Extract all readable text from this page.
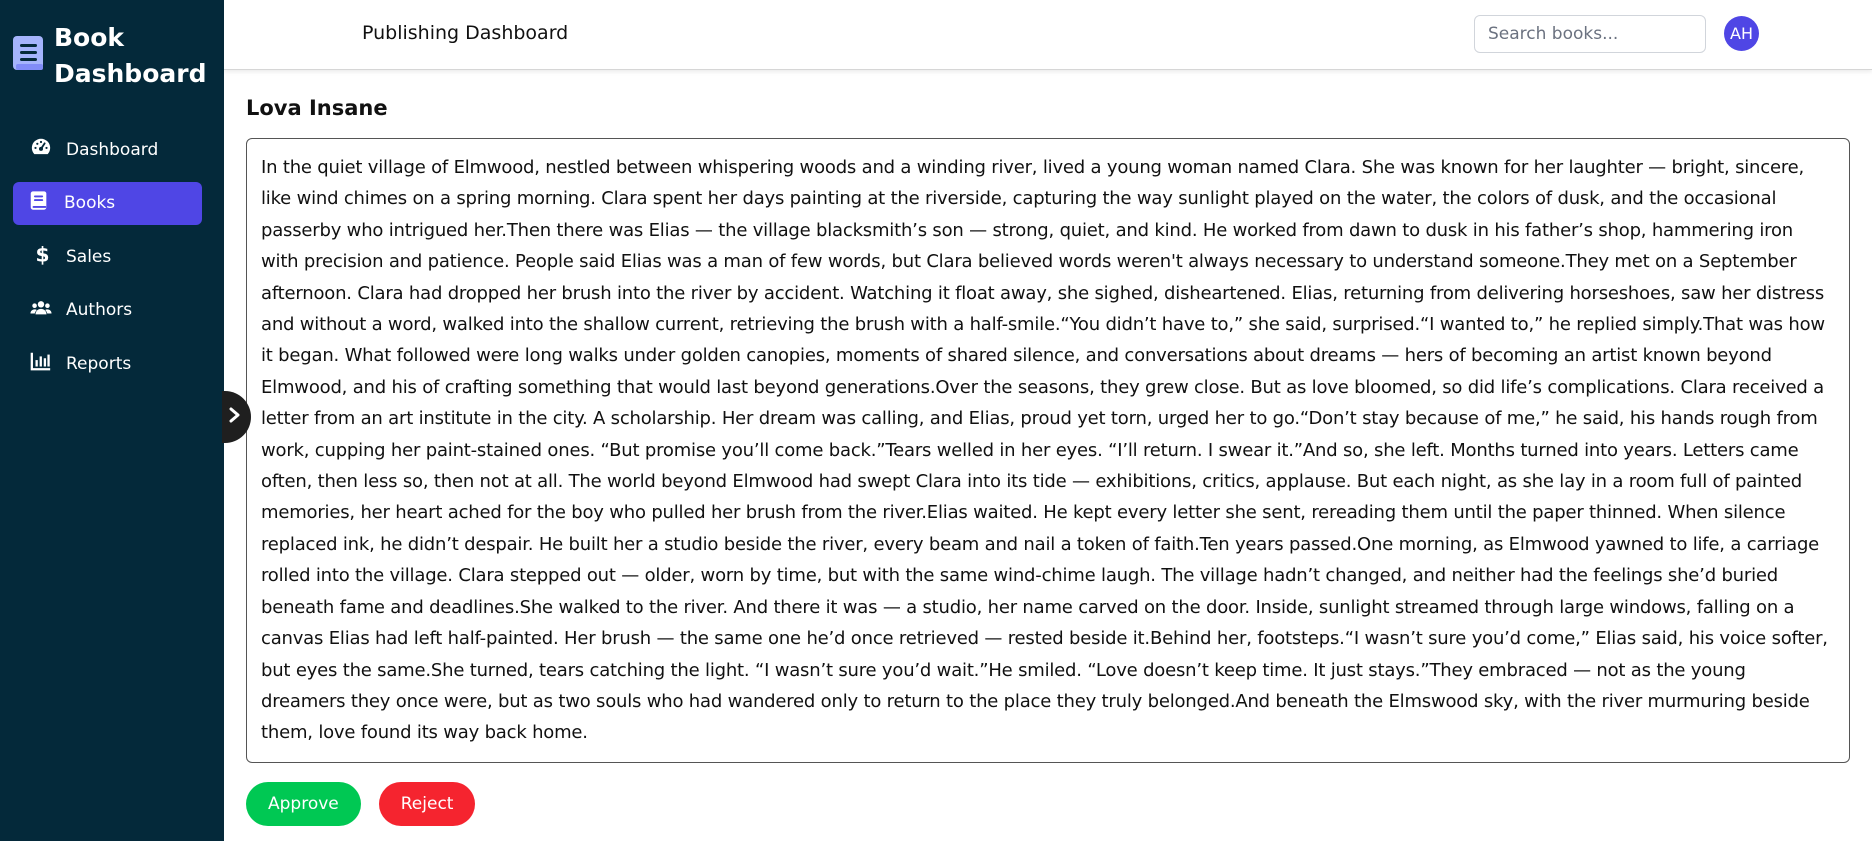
Book Dashboard
Dashboard
Books
$ Sales
Authors
Reports
Publishing Dashboard
Search books...	AH
Lova Insane
In the quiet village of Elmwood, nestled between whispering woods and a winding river, lived a young woman named Clara. She was known for her laughter — bright, sincere, like wind chimes on a spring morning. Clara spent her days painting at the riverside, capturing the way sunlight played on the water, the colors of dusk, and the occasional passerby who intrigued her.Then there was Elias — the village blacksmith’s son — strong, quiet, and kind. He worked from dawn to dusk in his father’s shop, hammering iron with precision and patience. People said Elias was a man of few words, but Clara believed words weren't always necessary to understand someone.They met on a September afternoon. Clara had dropped her brush into the river by accident. Watching it float away, she sighed, disheartened. Elias, returning from delivering horseshoes, saw her distress and without a word, walked into the shallow current, retrieving the brush with a half-smile.“You didn’t have to,” she said, surprised.“I wanted to,” he replied simply.That was how it began. What followed were long walks under golden canopies, moments of shared silence, and conversations about dreams — hers of becoming an artist known beyond Elmwood, and his of crafting something that would last beyond generations.Over the seasons, they grew close. But as love bloomed, so did life’s complications. Clara received a letter from an art institute in the city. A scholarship. Her dream was calling, and Elias, proud yet torn, urged her to go.“Don’t stay because of me,” he said, his hands rough from work, cupping her paint-stained ones. “But promise you’ll come back.”Tears welled in her eyes. “I’ll return. I swear it.”And so, she left. Months turned into years. Letters came often, then less so, then not at all. The world beyond Elmwood had swept Clara into its tide — exhibitions, critics, applause. But each night, as she lay in a room full of painted memories, her heart ached for the boy who pulled her brush from the river.Elias waited. He kept every letter she sent, rereading them until the paper thinned. When silence replaced ink, he didn’t despair. He built her a studio beside the river, every beam and nail a token of faith.Ten years passed.One morning, as Elmwood yawned to life, a carriage rolled into the village. Clara stepped out — older, worn by time, but with the same wind-chime laugh. The village hadn’t changed, and neither had the feelings she’d buried beneath fame and deadlines.She walked to the river. And there it was — a studio, her name carved on the door. Inside, sunlight streamed through large windows, falling on a canvas Elias had left half-painted. Her brush — the same one he’d once retrieved — rested beside it.Behind her, footsteps.“I wasn’t sure you’d come,” Elias said, his voice softer, but eyes the same.She turned, tears catching the light. “I wasn’t sure you’d wait.”He smiled. “Love doesn’t keep time. It just stays.”They embraced — not as the young dreamers they once were, but as two souls who had wandered only to return to the place they truly belonged.And beneath the Elmswood sky, with the river murmuring beside them, love found its way back home.
Approve	Reject
